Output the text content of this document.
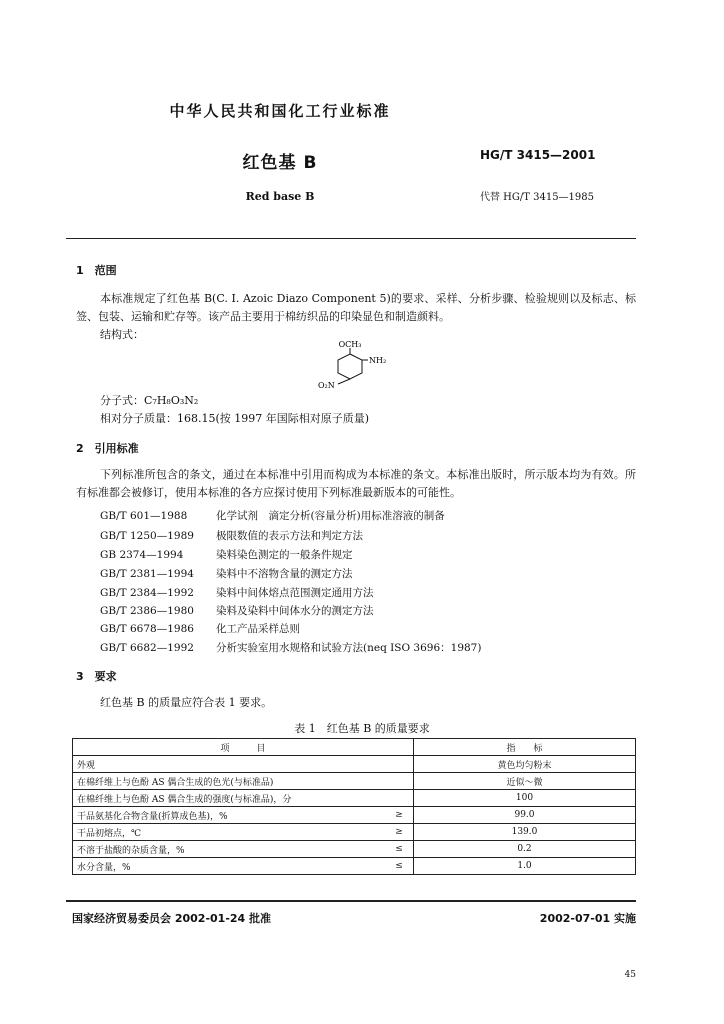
中华人民共和国化工行业标准
红色基 B
Red base B
HG/T 3415—2001
代替 HG/T 3415—1985
1　范围
本标准规定了红色基 B(C. I. Azoic Diazo Component 5)的要求、采样、分析步骤、检验规则以及标志、标签、包装、运输和贮存等。该产品主要用于棉纺织品的印染显色和制造颜料。
结构式：
OCH₃
NH₂
O₂N
分子式：C₇H₈O₃N₂
相对分子质量：168.15(按 1997 年国际相对原子质量)
2　引用标准
下列标准所包含的条文，通过在本标准中引用而构成为本标准的条文。本标准出版时，所示版本均为有效。所有标准都会被修订，使用本标准的各方应探讨使用下列标准最新版本的可能性。
GB/T 601—1988	化学试剂　滴定分析(容量分析)用标准溶液的制备
GB/T 1250—1989 极限数值的表示方法和判定方法
GB 2374—1994	染料染色测定的一般条件规定
GB/T 2381—1994 染料中不溶物含量的测定方法
GB/T 2384—1992 染料中间体熔点范围测定通用方法
GB/T 2386—1980 染料及染料中间体水分的测定方法
GB/T 6678—1986 化工产品采样总则
GB/T 6682—1992 分析实验室用水规格和试验方法(neq ISO 3696：1987)
3　要求
红色基 B 的质量应符合表 1 要求。
表 1　红色基 B 的质量要求
项　　　目		指　　标
外观		黄色均匀粉末
在棉纤维上与色酚 AS 偶合生成的色光(与标准品)		近似～微
在棉纤维上与色酚 AS 偶合生成的强度(与标准品)，分		100
干品氨基化合物含量(折算成色基)，%	≥	99.0
干品初熔点，℃	≥	139.0
不溶于盐酸的杂质含量，%	≤	0.2
水分含量，%	≤	1.0
国家经济贸易委员会 2002-01-24 批准	2002-07-01 实施
45
